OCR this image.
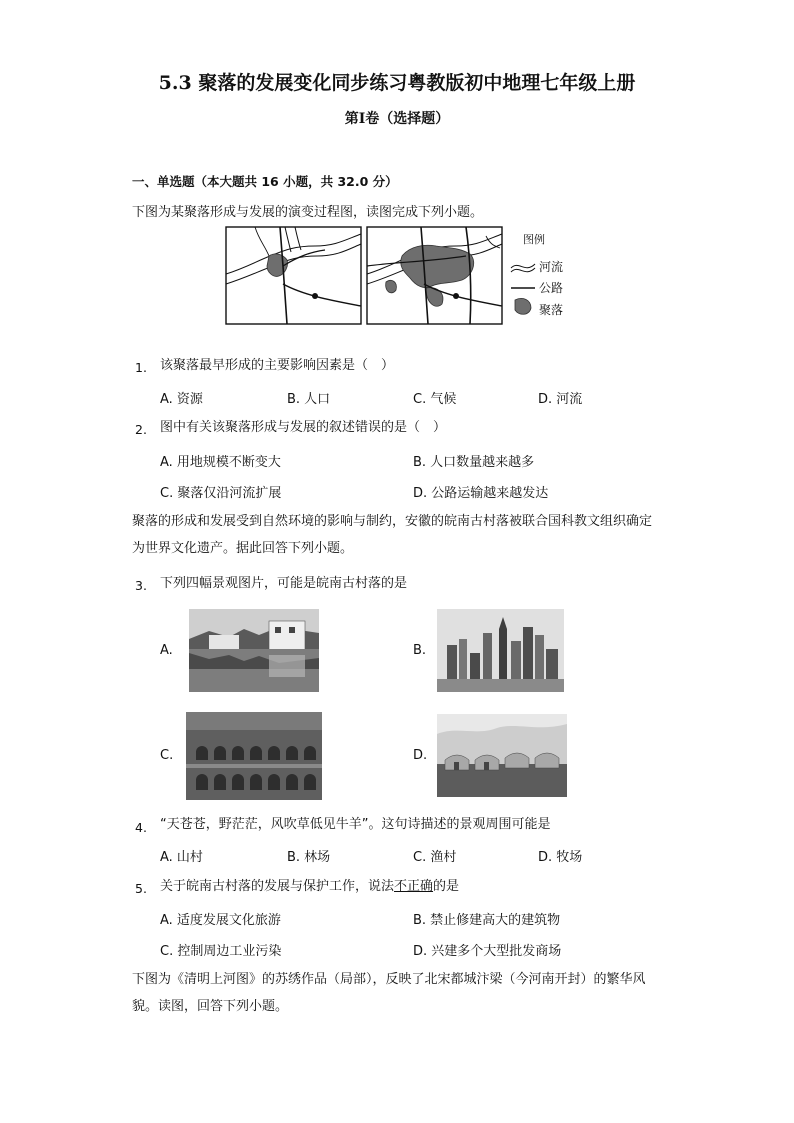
5.3 聚落的发展变化同步练习粤教版初中地理七年级上册
第I卷（选择题）
一、单选题（本大题共 16 小题，共 32.0 分）
下图为某聚落形成与发展的演变过程图，读图完成下列小题。
图例
河流
公路
聚落
1. 该聚落最早形成的主要影响因素是（　）
A. 资源	B. 人口	C. 气候	D. 河流
2. 图中有关该聚落形成与发展的叙述错误的是（　）
A. 用地规模不断变大	B. 人口数量越来越多
C. 聚落仅沿河流扩展	D. 公路运输越来越发达
聚落的形成和发展受到自然环境的影响与制约，安徽的皖南古村落被联合国科教文组织确定为世界文化遗产。据此回答下列小题。
3. 下列四幅景观图片，可能是皖南古村落的是
A.	B.
C.	D.
4. “天苍苍，野茫茫，风吹草低见牛羊”。这句诗描述的景观周围可能是
A. 山村	B. 林场	C. 渔村	D. 牧场
5. 关于皖南古村落的发展与保护工作，说法不正确的是
A. 适度发展文化旅游	B. 禁止修建高大的建筑物
C. 控制周边工业污染	D. 兴建多个大型批发商场
下图为《清明上河图》的苏绣作品（局部），反映了北宋都城汴梁（今河南开封）的繁华风貌。读图，回答下列小题。
